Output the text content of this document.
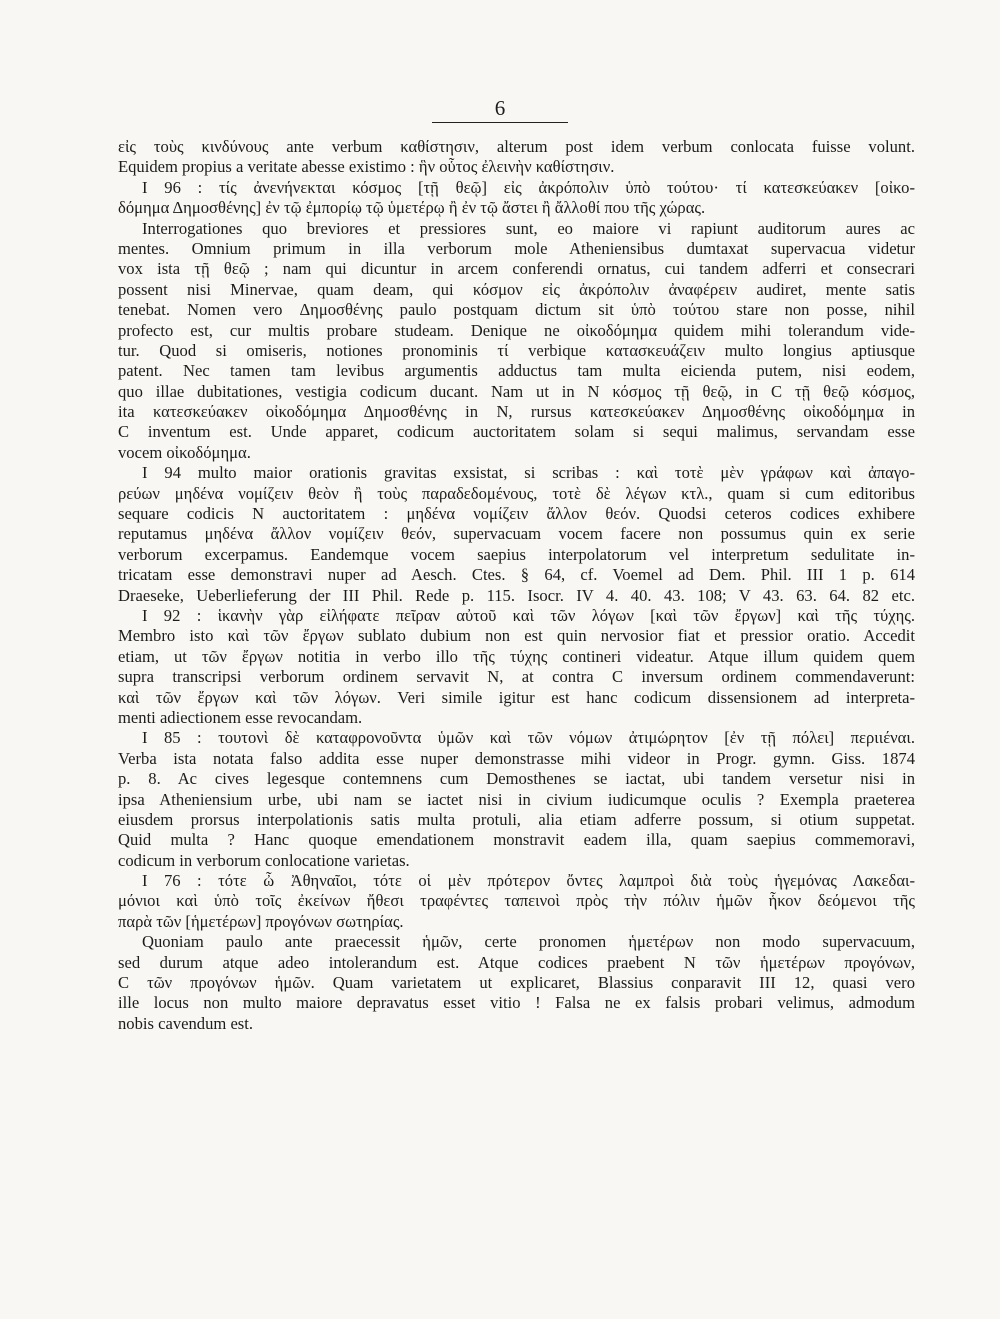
6
εἰς τοὺς κινδύνους ante verbum καθίστησιν, alterum post idem verbum conlocata fuisse volunt.
Equidem propius a veritate abesse existimo : ἣν οὗτος ἐλεινὴν καθίστησιν.
I 96 : τίς ἀνενήνεκται κόσμος [τῇ θεῷ] εἰς ἀκρόπολιν ὑπὸ τούτου· τί κατεσκεύακεν [οἰκο-
δόμημα Δημοσθένης] ἐν τῷ ἐμπορίῳ τῷ ὑμετέρῳ ἢ ἐν τῷ ἄστει ἢ ἄλλοθί που τῆς χώρας.
Interrogationes quo breviores et pressiores sunt, eo maiore vi rapiunt auditorum aures ac
mentes. Omnium primum in illa verborum mole Atheniensibus dumtaxat supervacua videtur
vox ista τῇ θεῷ ; nam qui dicuntur in arcem conferendi ornatus, cui tandem adferri et consecrari
possent nisi Minervae, quam deam, qui κόσμον εἰς ἀκρόπολιν ἀναφέρειν audiret, mente satis
tenebat. Nomen vero Δημοσθένης paulo postquam dictum sit ὑπὸ τούτου stare non posse, nihil
profecto est, cur multis probare studeam. Denique ne οἰκοδόμημα quidem mihi tolerandum vide-
tur. Quod si omiseris, notiones pronominis τί verbique κατασκευάζειν multo longius aptiusque
patent. Nec tamen tam levibus argumentis adductus tam multa eicienda putem, nisi eodem,
quo illae dubitationes, vestigia codicum ducant. Nam ut in N κόσμος τῇ θεῷ, in C τῇ θεῷ κόσμος,
ita κατεσκεύακεν οἰκοδόμημα Δημοσθένης in N, rursus κατεσκεύακεν Δημοσθένης οἰκοδόμημα in
C inventum est. Unde apparet, codicum auctoritatem solam si sequi malimus, servandam esse
vocem οἰκοδόμημα.
I 94 multo maior orationis gravitas exsistat, si scribas : καὶ τοτὲ μὲν γράφων καὶ ἀπαγο-
ρεύων μηδένα νομίζειν θεὸν ἢ τοὺς παραδεδομένους, τοτὲ δὲ λέγων κτλ., quam si cum editoribus
sequare codicis N auctoritatem : μηδένα νομίζειν ἄλλον θεόν. Quodsi ceteros codices exhibere
reputamus μηδένα ἄλλον νομίζειν θεόν, supervacuam vocem facere non possumus quin ex serie
verborum excerpamus. Eandemque vocem saepius interpolatorum vel interpretum sedulitate in-
tricatam esse demonstravi nuper ad Aesch. Ctes. § 64, cf. Voemel ad Dem. Phil. III 1 p. 614
Draeseke, Ueberlieferung der III Phil. Rede p. 115. Isocr. IV 4. 40. 43. 108; V 43. 63. 64. 82 etc.
I 92 : ἱκανὴν γὰρ εἰλήφατε πεῖραν αὐτοῦ καὶ τῶν λόγων [καὶ τῶν ἔργων] καὶ τῆς τύχης.
Membro isto καὶ τῶν ἔργων sublato dubium non est quin nervosior fiat et pressior oratio. Accedit
etiam, ut τῶν ἔργων notitia in verbo illo τῆς τύχης contineri videatur. Atque illum quidem quem
supra transcripsi verborum ordinem servavit N, at contra C inversum ordinem commendaverunt:
καὶ τῶν ἔργων καὶ τῶν λόγων. Veri simile igitur est hanc codicum dissensionem ad interpreta-
menti adiectionem esse revocandam.
I 85 : τουτονὶ δὲ καταφρονοῦντα ὑμῶν καὶ τῶν νόμων ἀτιμώρητον [ἐν τῇ πόλει] περιιέναι.
Verba ista notata falso addita esse nuper demonstrasse mihi videor in Progr. gymn. Giss. 1874
p. 8. Ac cives legesque contemnens cum Demosthenes se iactat, ubi tandem versetur nisi in
ipsa Atheniensium urbe, ubi nam se iactet nisi in civium iudicumque oculis ? Exempla praeterea
eiusdem prorsus interpolationis satis multa protuli, alia etiam adferre possum, si otium suppetat.
Quid multa ? Hanc quoque emendationem monstravit eadem illa, quam saepius commemoravi,
codicum in verborum conlocatione varietas.
I 76 : τότε ὦ Ἀθηναῖοι, τότε οἱ μὲν πρότερον ὄντες λαμπροὶ διὰ τοὺς ἡγεμόνας Λακεδαι-
μόνιοι καὶ ὑπὸ τοῖς ἐκείνων ἤθεσι τραφέντες ταπεινοὶ πρὸς τὴν πόλιν ἡμῶν ἧκον δεόμενοι τῆς
παρὰ τῶν [ἡμετέρων] προγόνων σωτηρίας.
Quoniam paulo ante praecessit ἡμῶν, certe pronomen ἡμετέρων non modo supervacuum,
sed durum atque adeo intolerandum est. Atque codices praebent N τῶν ἡμετέρων προγόνων,
C τῶν προγόνων ἡμῶν. Quam varietatem ut explicaret, Blassius conparavit III 12, quasi vero
ille locus non multo maiore depravatus esset vitio ! Falsa ne ex falsis probari velimus, admodum
nobis cavendum est.
